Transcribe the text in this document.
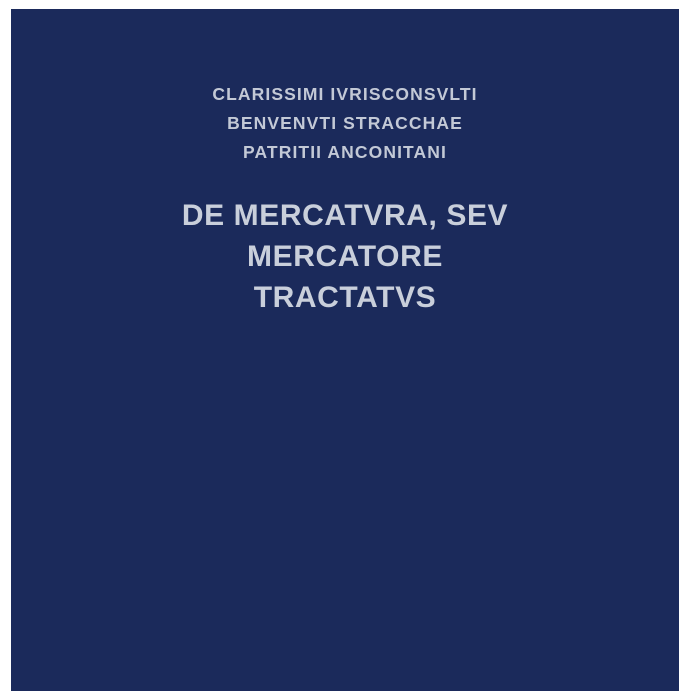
CLARISSIMI IVRISCONSVLTI
BENVENVTI STRACCHAE
PATRITII ANCONITANI
DE MERCATVRA, SEV
MERCATORE
TRACTATVS
